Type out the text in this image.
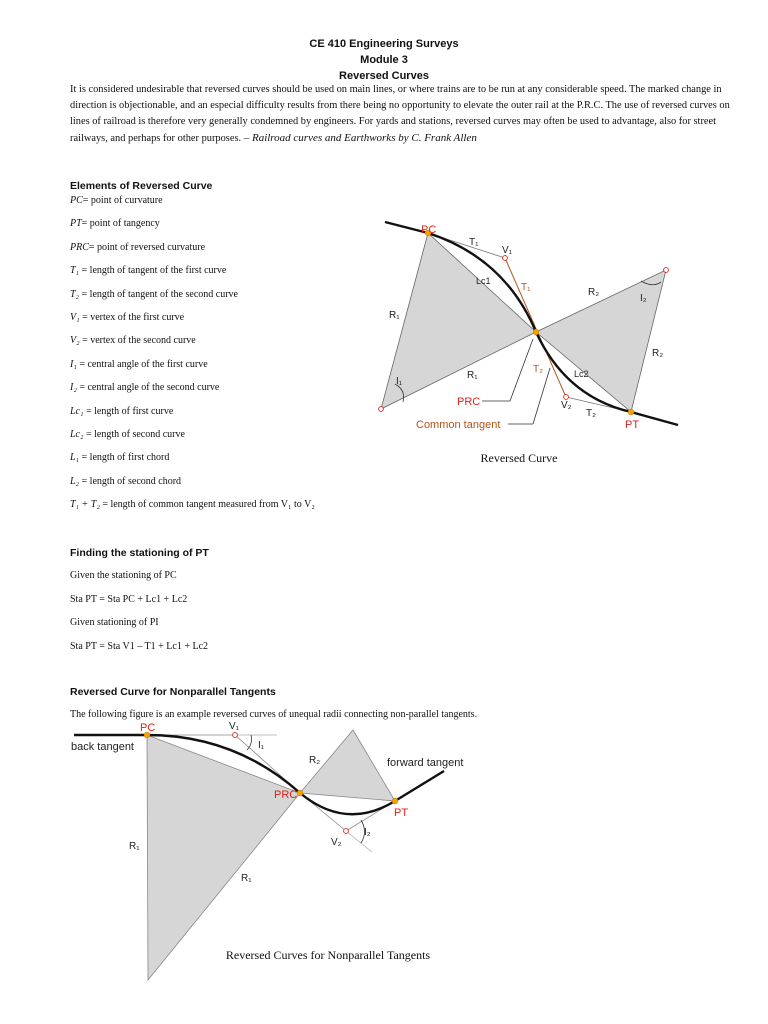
CE 410 Engineering Surveys
Module 3
Reversed Curves
It is considered undesirable that reversed curves should be used on main lines, or where trains are to be run at any considerable speed. The marked change in direction is objectionable, and an especial difficulty results from there being no opportunity to elevate the outer rail at the P.R.C. The use of reversed curves on lines of railroad is therefore very generally condemned by engineers. For yards and stations, reversed curves may often be used to advantage, also for street railways, and perhaps for other purposes. – Railroad curves and Earthworks by C. Frank Allen
Elements of Reversed Curve
PC= point of curvature
PT= point of tangency
PRC= point of reversed curvature
T₁ = length of tangent of the first curve
T₂ = length of tangent of the second curve
V₁ = vertex of the first curve
V₂ = vertex of the second curve
I₁ = central angle of the first curve
I₂ = central angle of the second curve
Lc₁ = length of first curve
Lc₂ = length of second curve
L₁ = length of first chord
L₂ = length of second chord
T₁ + T₂ = length of common tangent measured from V₁ to V₂
Finding the stationing of PT
Given the stationing of PC
Sta PT = Sta PC + Lc1 + Lc2
Given stationing of PI
Sta PT = Sta V1 – T1 + Lc1 + Lc2
Reversed Curve for Nonparallel Tangents
The following figure is an example reversed curves of unequal radii connecting non-parallel tangents.
PC
T₁
V₁
Lc1
T₁	R₂
I₂
R₁
R₂
R₁
T₂	Lc2
I₁
PRC	V₂
T₂
Common tangent	PT
Reversed Curve
PC	V₁
back tangent	I₁
R₂	forward tangent
PRC
PT
I₂
V₂
R₁
R₁
Reversed Curves for Nonparallel Tangents
